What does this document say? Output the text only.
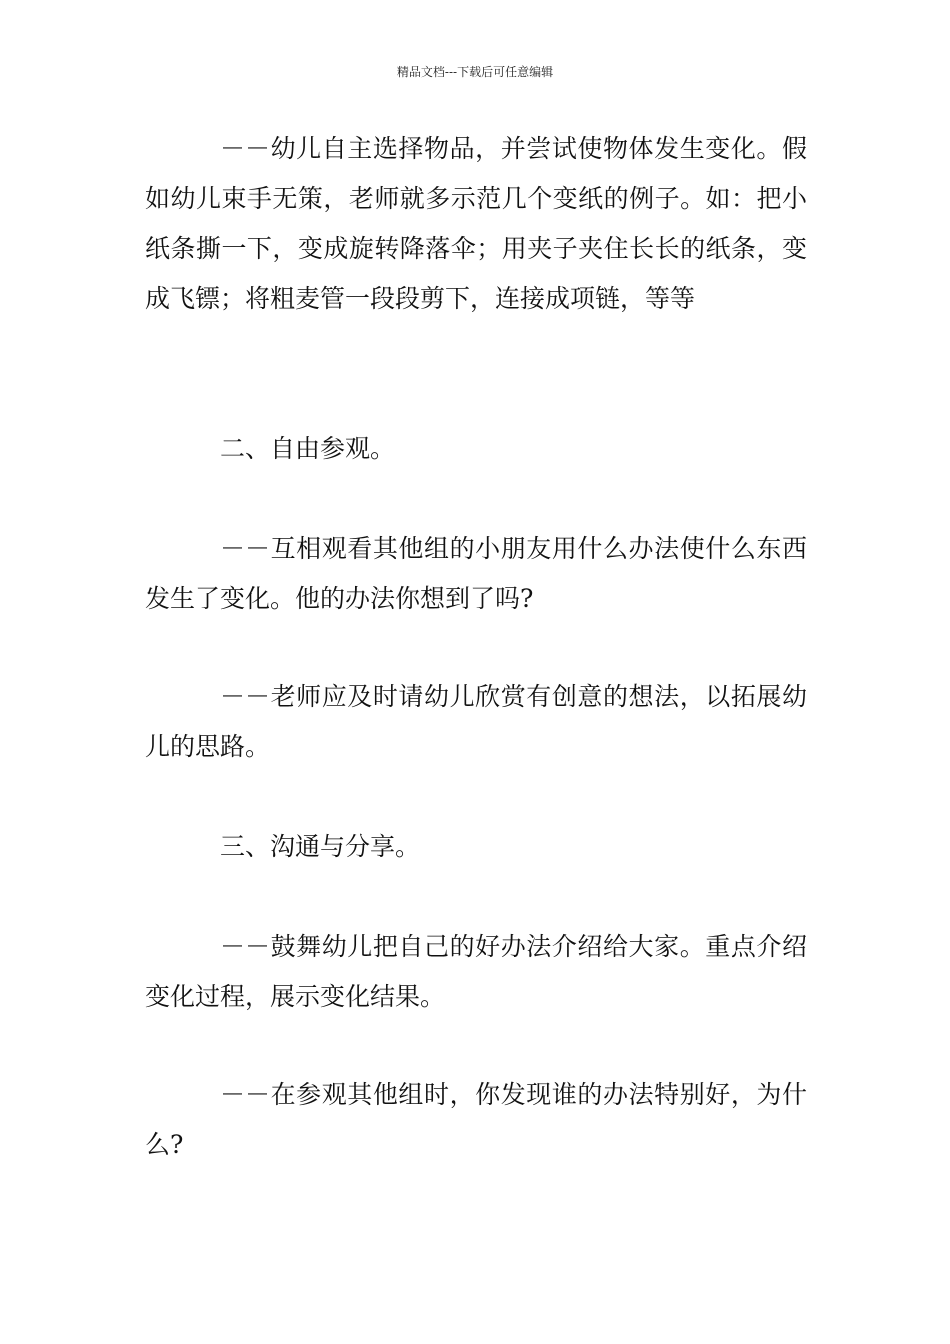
精品文档---下载后可任意编辑

－－幼儿自主选择物品，并尝试使物体发生变化。假如幼儿束手无策，老师就多示范几个变纸的例子。如：把小纸条撕一下，变成旋转降落伞；用夹子夹住长长的纸条，变成飞镖；将粗麦管一段段剪下，连接成项链，等等

二、自由参观。

－－互相观看其他组的小朋友用什么办法使什么东西发生了变化。他的办法你想到了吗?

－－老师应及时请幼儿欣赏有创意的想法，以拓展幼儿的思路。

三、沟通与分享。

－－鼓舞幼儿把自己的好办法介绍给大家。重点介绍变化过程，展示变化结果。

－－在参观其他组时，你发现谁的办法特别好，为什么?
